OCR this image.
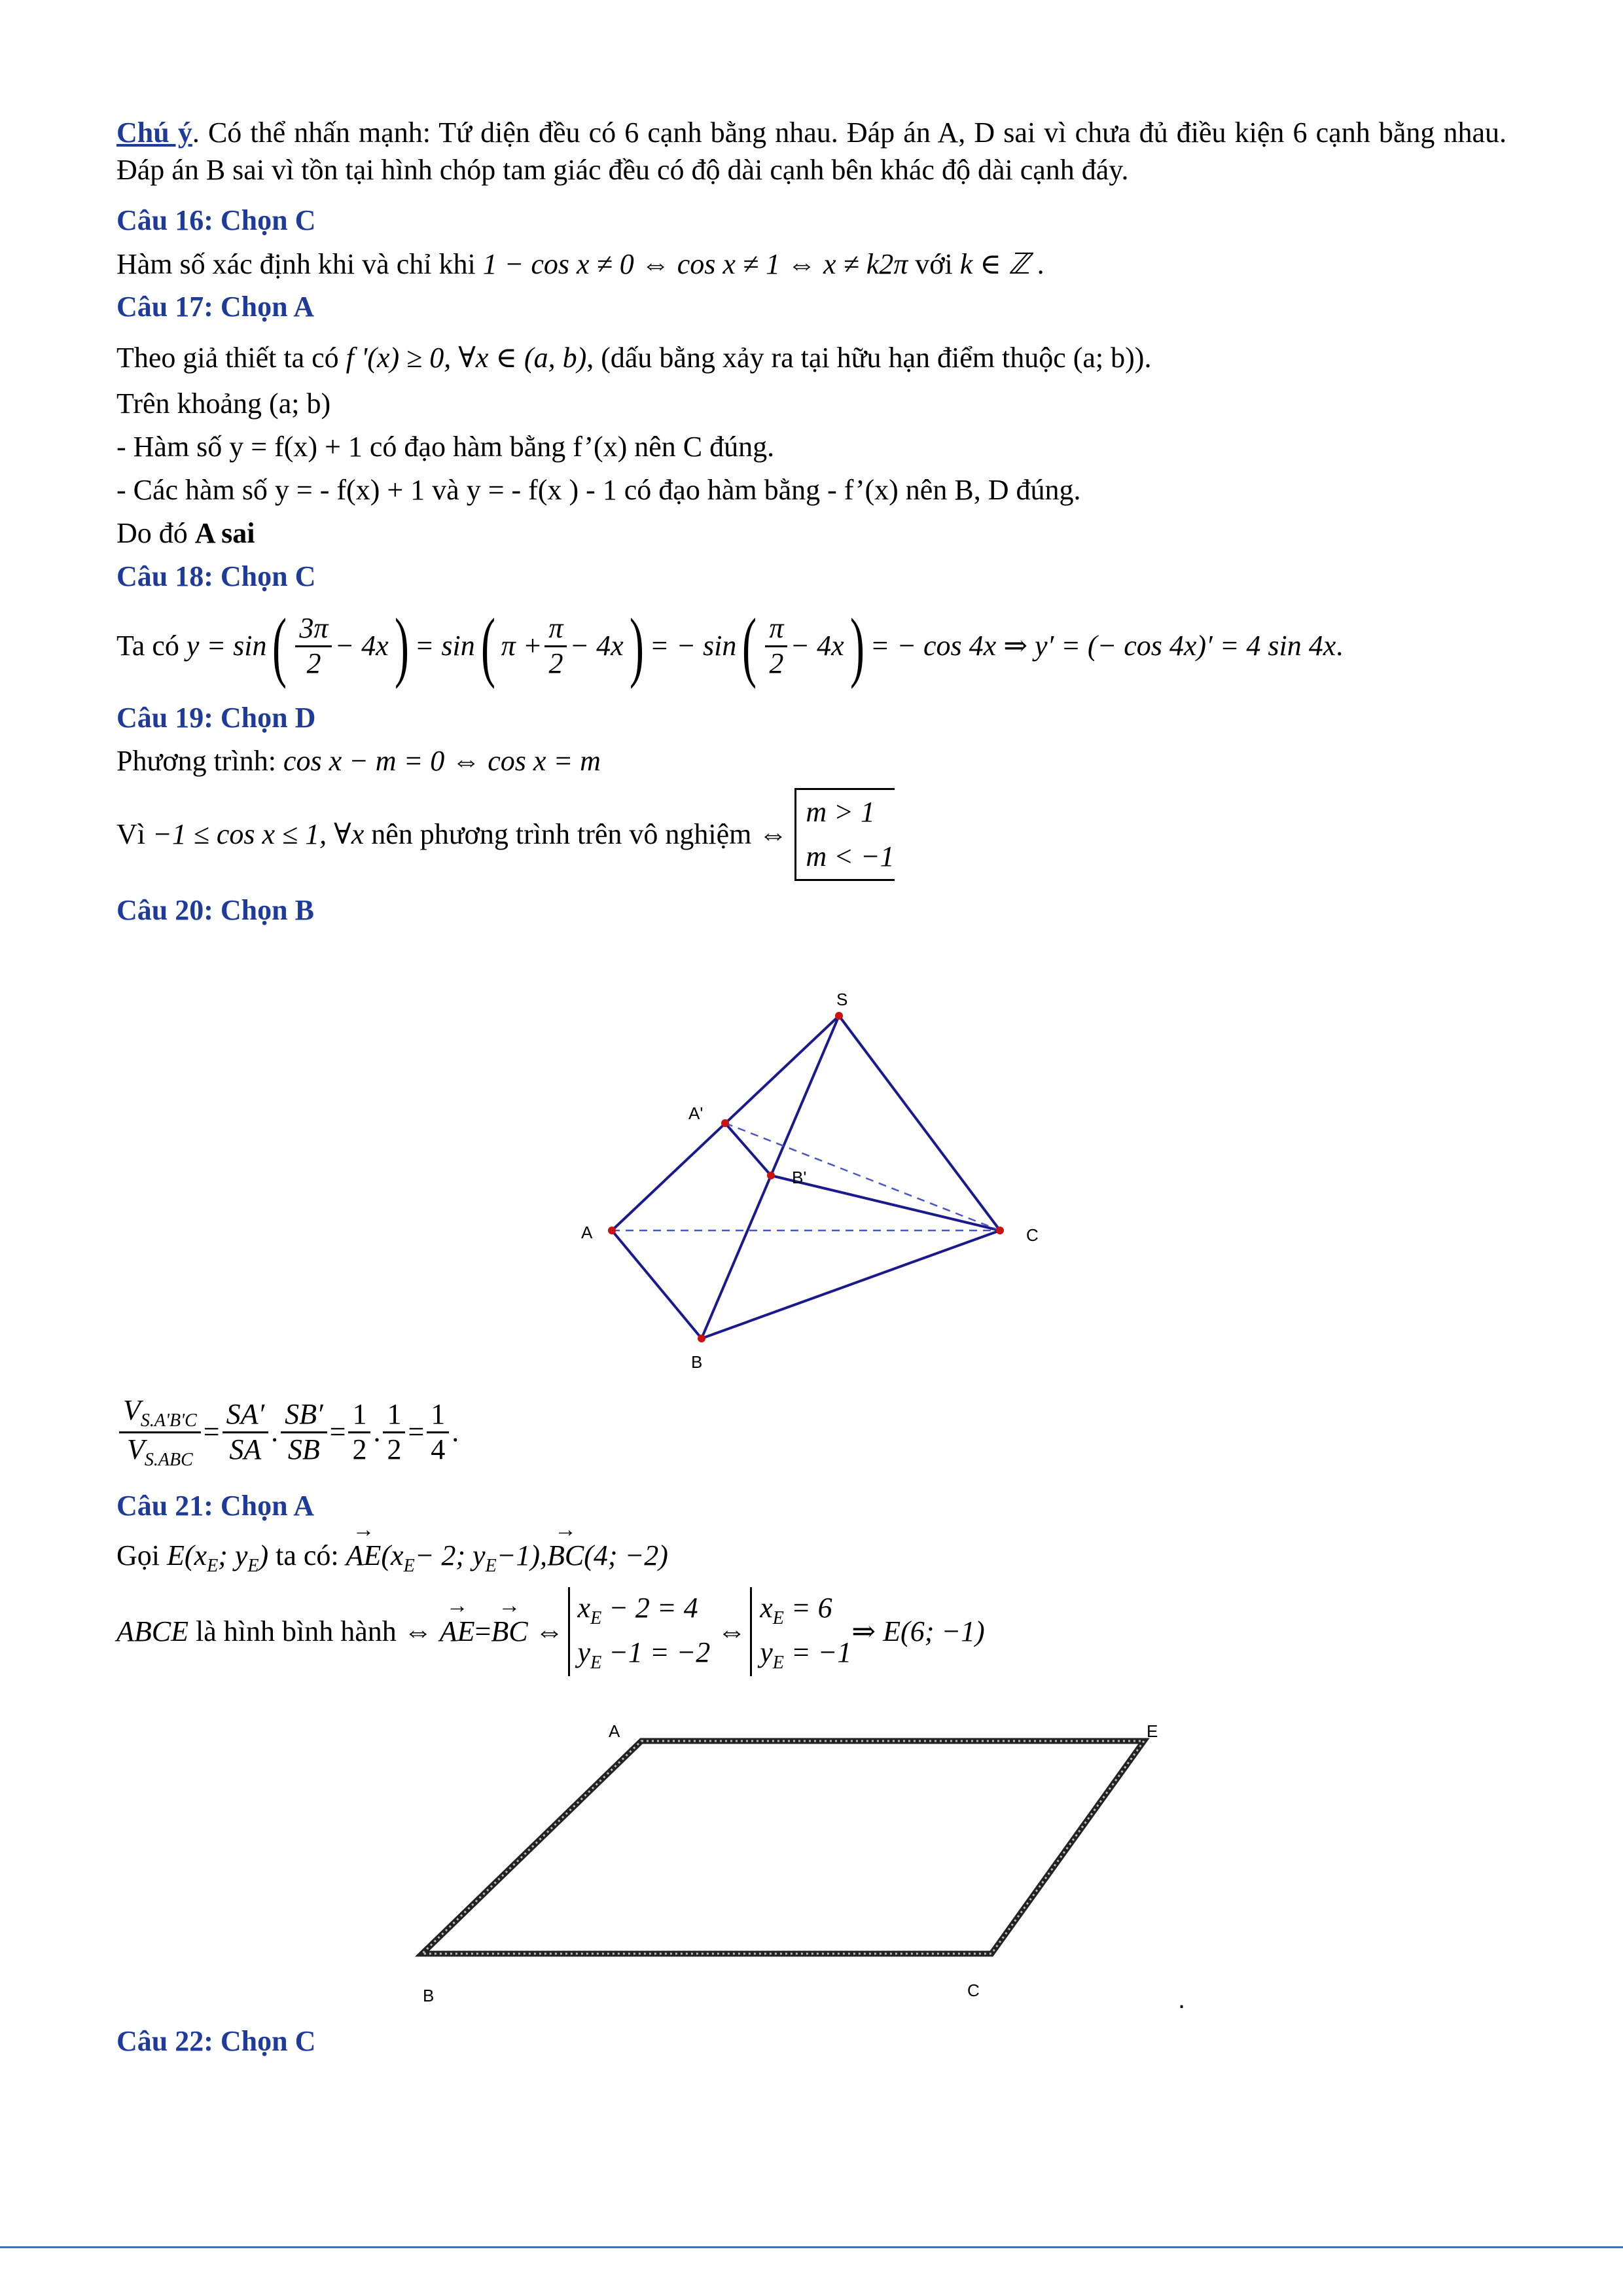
Chú ý. Có thể nhấn mạnh: Tứ diện đều có 6 cạnh bằng nhau. Đáp án A, D sai vì chưa đủ điều kiện 6 cạnh bằng nhau. Đáp án B sai vì tồn tại hình chóp tam giác đều có độ dài cạnh bên khác độ dài cạnh đáy.
Câu 16: Chọn C
Hàm số xác định khi và chỉ khi 1 − cos x ≠ 0 ⇔ cos x ≠ 1 ⇔ x ≠ k2π với k ∈ ℤ .
Câu 17: Chọn A
Theo giả thiết ta có f '(x) ≥ 0, ∀x ∈ (a, b), (dấu bằng xảy ra tại hữu hạn điểm thuộc (a; b)).
Trên khoảng (a; b)
- Hàm số y = f(x) + 1 có đạo hàm bằng f’(x) nên C đúng.
- Các hàm số y = - f(x) + 1 và y = - f(x ) - 1 có đạo hàm bằng - f’(x) nên B, D đúng.
Do đó A sai
Câu 18: Chọn C
Ta có
y = sin ( $\frac{3\pi}{2} - 4x$ ) = sin ( $\pi + \frac{\pi}{2} - 4x$ ) = − sin ( $\frac{\pi}{2} - 4x$ ) = − cos 4x ⇒ y′ = (− cos 4x)′ = 4 sin 4x .
Câu 19: Chọn D
Phương trình: cos x − m = 0 ⇔ cos x = m
Vì
−1 ≤ cos x ≤ 1 , ∀x
nên phương trình trên vô nghiệm ⇔

m > 1
m < −1
Câu 20: Chọn B
S
A'
B'
A	C
B
$\frac{V_{S.A'B'C}}{V_{S.ABC}} = \frac{SA'}{SA}$ . $\frac{SB'}{SB} = \frac{1}{2}$ . $\frac{1}{2} = \frac{1}{4}$ .
Câu 21: Chọn A
Gọi $E(x_E$; $y_E$) ta có: → $AE(x_E- 2$; $y_E-1),\to BC(4$; −2)
ABCE
là hình bình hành ⇔
→ AE = → BC
⇔
$x_E - 2 = 4$
$y_E -1 = -2$

⇔
$x_E = 6$
$y_E = -1$
⇒ E(6; −1)
A	E
B	C	.
Câu 22: Chọn C
